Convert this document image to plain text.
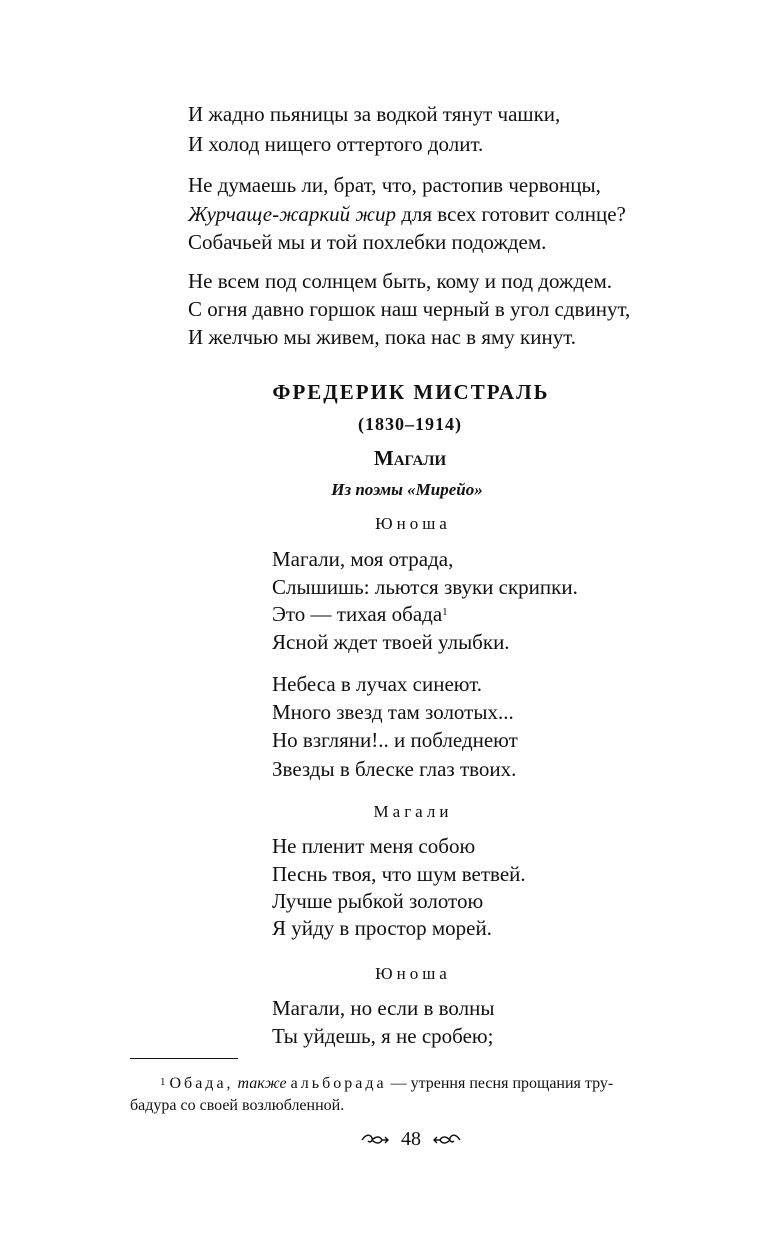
И жадно пьяницы за водкой тянут чашки,
И холод нищего оттертого долит.
Не думаешь ли, брат, что, растопив червонцы,
Журчаще-жаркий жир для всех готовит солнце?
Собачьей мы и той похлебки подождем.
Не всем под солнцем быть, кому и под дождем.
С огня давно горшок наш черный в угол сдвинут,
И желчью мы живем, пока нас в яму кинут.
ФРЕДЕРИК МИСТРАЛЬ
(1830–1914)
Магали
Из поэмы «Мирейо»
Юноша
Магали, моя отрада,
Слышишь: льются звуки скрипки.
Это — тихая обада$^1$
Ясной ждет твоей улыбки.
Небеса в лучах синеют.
Много звезд там золотых...
Но взгляни!.. и побледнеют
Звезды в блеске глаз твоих.
Магали
Не пленит меня собою
Песнь твоя, что шум ветвей.
Лучше рыбкой золотою
Я уйду в простор морей.
Юноша
Магали, но если в волны
Ты уйдешь, я не сробею;
$^1$ Обада, также альборада — утрення песня прощания тру-
бадура со своей возлюбленной.
48
